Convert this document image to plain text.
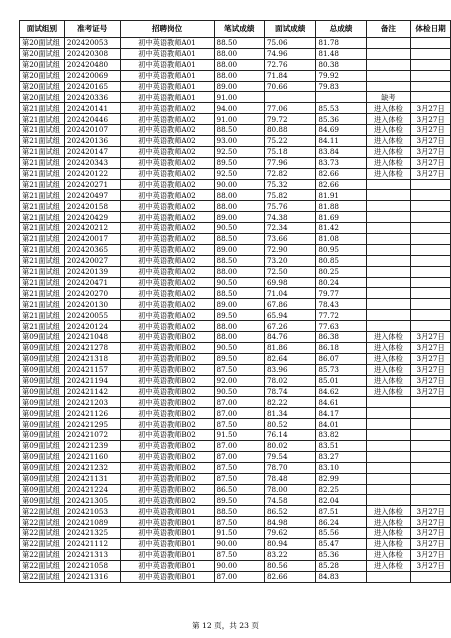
面试组别	准考证号	招聘岗位	笔试成绩	面试成绩	总成绩	备注	体检日期
第20面试组	202420053	初中英语教师A01	88.50	75.06	81.78		
第20面试组	202420308	初中英语教师A01	88.00	74.96	81.48		
第20面试组	202420480	初中英语教师A01	88.00	72.76	80.38		
第20面试组	202420069	初中英语教师A01	88.00	71.84	79.92		
第20面试组	202420165	初中英语教师A01	89.00	70.66	79.83		
第20面试组	202420336	初中英语教师A01	91.00			缺考	
第21面试组	202420141	初中英语教师A02	94.00	77.06	85.53	进入体检	3月27日
第21面试组	202420446	初中英语教师A02	91.00	79.72	85.36	进入体检	3月27日
第21面试组	202420107	初中英语教师A02	88.50	80.88	84.69	进入体检	3月27日
第21面试组	202420136	初中英语教师A02	93.00	75.22	84.11	进入体检	3月27日
第21面试组	202420147	初中英语教师A02	92.50	75.18	83.84	进入体检	3月27日
第21面试组	202420343	初中英语教师A02	89.50	77.96	83.73	进入体检	3月27日
第21面试组	202420122	初中英语教师A02	92.50	72.82	82.66	进入体检	3月27日
第21面试组	202420271	初中英语教师A02	90.00	75.32	82.66		
第21面试组	202420497	初中英语教师A02	88.00	75.82	81.91		
第21面试组	202420158	初中英语教师A02	88.00	75.76	81.88		
第21面试组	202420429	初中英语教师A02	89.00	74.38	81.69		
第21面试组	202420212	初中英语教师A02	90.50	72.34	81.42		
第21面试组	202420017	初中英语教师A02	88.50	73.66	81.08		
第21面试组	202420365	初中英语教师A02	89.00	72.90	80.95		
第21面试组	202420027	初中英语教师A02	88.50	73.20	80.85		
第21面试组	202420139	初中英语教师A02	88.00	72.50	80.25		
第21面试组	202420471	初中英语教师A02	90.50	69.98	80.24		
第21面试组	202420270	初中英语教师A02	88.50	71.04	79.77		
第21面试组	202420130	初中英语教师A02	89.00	67.86	78.43		
第21面试组	202420055	初中英语教师A02	89.50	65.94	77.72		
第21面试组	202420124	初中英语教师A02	88.00	67.26	77.63		
第09面试组	202421048	初中英语教师B02	88.00	84.76	86.38	进入体检	3月27日
第09面试组	202421278	初中英语教师B02	90.50	81.86	86.18	进入体检	3月27日
第09面试组	202421318	初中英语教师B02	89.50	82.64	86.07	进入体检	3月27日
第09面试组	202421157	初中英语教师B02	87.50	83.96	85.73	进入体检	3月27日
第09面试组	202421194	初中英语教师B02	92.00	78.02	85.01	进入体检	3月27日
第09面试组	202421142	初中英语教师B02	90.50	78.74	84.62	进入体检	3月27日
第09面试组	202421203	初中英语教师B02	87.00	82.22	84.61		
第09面试组	202421126	初中英语教师B02	87.00	81.34	84.17		
第09面试组	202421295	初中英语教师B02	87.50	80.52	84.01		
第09面试组	202421072	初中英语教师B02	91.50	76.14	83.82		
第09面试组	202421239	初中英语教师B02	87.00	80.02	83.51		
第09面试组	202421160	初中英语教师B02	87.00	79.54	83.27		
第09面试组	202421232	初中英语教师B02	87.50	78.70	83.10		
第09面试组	202421131	初中英语教师B02	87.50	78.48	82.99		
第09面试组	202421224	初中英语教师B02	86.50	78.00	82.25		
第09面试组	202421305	初中英语教师B02	89.50	74.58	82.04		
第22面试组	202421053	初中英语教师B01	88.50	86.52	87.51	进入体检	3月27日
第22面试组	202421089	初中英语教师B01	87.50	84.98	86.24	进入体检	3月27日
第22面试组	202421325	初中英语教师B01	91.50	79.62	85.56	进入体检	3月27日
第22面试组	202421112	初中英语教师B01	90.00	80.94	85.47	进入体检	3月27日
第22面试组	202421313	初中英语教师B01	87.50	83.22	85.36	进入体检	3月27日
第22面试组	202421058	初中英语教师B01	90.00	80.56	85.28	进入体检	3月27日
第22面试组	202421316	初中英语教师B01	87.00	82.66	84.83		
第 12 页，共 23 页
